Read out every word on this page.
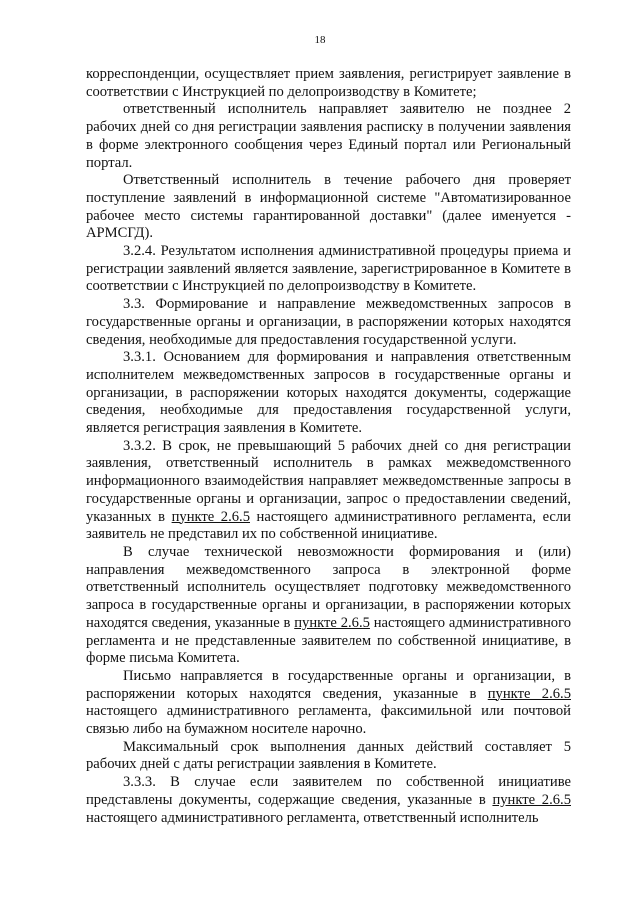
18

корреспонденции, осуществляет прием заявления, регистрирует заявление в соответствии с Инструкцией по делопроизводству в Комитете;

ответственный исполнитель направляет заявителю не позднее 2 рабочих дней со дня регистрации заявления расписку в получении заявления в форме электронного сообщения через Единый портал или Региональный портал.

Ответственный исполнитель в течение рабочего дня проверяет поступление заявлений в информационной системе "Автоматизированное рабочее место системы гарантированной доставки" (далее именуется - АРМСГД).

3.2.4. Результатом исполнения административной процедуры приема и регистрации заявлений является заявление, зарегистрированное в Комитете в соответствии с Инструкцией по делопроизводству в Комитете.

3.3. Формирование и направление межведомственных запросов в государственные органы и организации, в распоряжении которых находятся сведения, необходимые для предоставления государственной услуги.

3.3.1. Основанием для формирования и направления ответственным исполнителем межведомственных запросов в государственные органы и организации, в распоряжении которых находятся документы, содержащие сведения, необходимые для предоставления государственной услуги, является регистрация заявления в Комитете.

3.3.2. В срок, не превышающий 5 рабочих дней со дня регистрации заявления, ответственный исполнитель в рамках межведомственного информационного взаимодействия направляет межведомственные запросы в государственные органы и организации, запрос о предоставлении сведений, указанных в пункте 2.6.5 настоящего административного регламента, если заявитель не представил их по собственной инициативе.

В случае технической невозможности формирования и (или) направления межведомственного запроса в электронной форме ответственный исполнитель осуществляет подготовку межведомственного запроса в государственные органы и организации, в распоряжении которых находятся сведения, указанные в пункте 2.6.5 настоящего административного регламента и не представленные заявителем по собственной инициативе, в форме письма Комитета.

Письмо направляется в государственные органы и организации, в распоряжении которых находятся сведения, указанные в пункте 2.6.5 настоящего административного регламента, факсимильной или почтовой связью либо на бумажном носителе нарочно.

Максимальный срок выполнения данных действий составляет 5 рабочих дней с даты регистрации заявления в Комитете.

3.3.3. В случае если заявителем по собственной инициативе представлены документы, содержащие сведения, указанные в пункте 2.6.5 настоящего административного регламента, ответственный исполнитель
